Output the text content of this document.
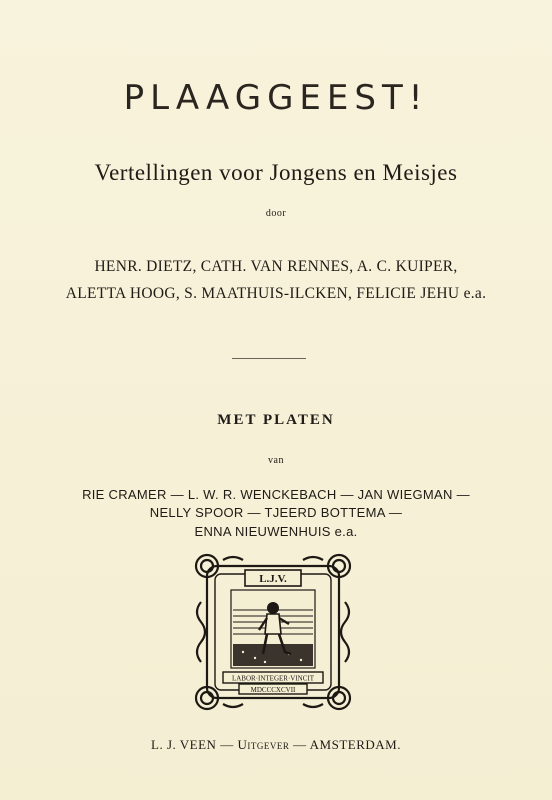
PLAAGGEEST!
Vertellingen voor Jongens en Meisjes
door
HENR. DIETZ, CATH. VAN RENNES, A. C. KUIPER,
ALETTA HOOG, S. MAATHUIS-ILCKEN, FELICIE JEHU e.a.
MET PLATEN
van
RIE CRAMER — L. W. R. WENCKEBACH — JAN WIEGMAN —
NELLY SPOOR — TJEERD BOTTEMA —
ENNA NIEUWENHUIS e.a.
L.J.V.
LABOR·INTEGER·VINCIT
MDCCCXCVII
L. J. VEEN — Uitgever — AMSTERDAM.
